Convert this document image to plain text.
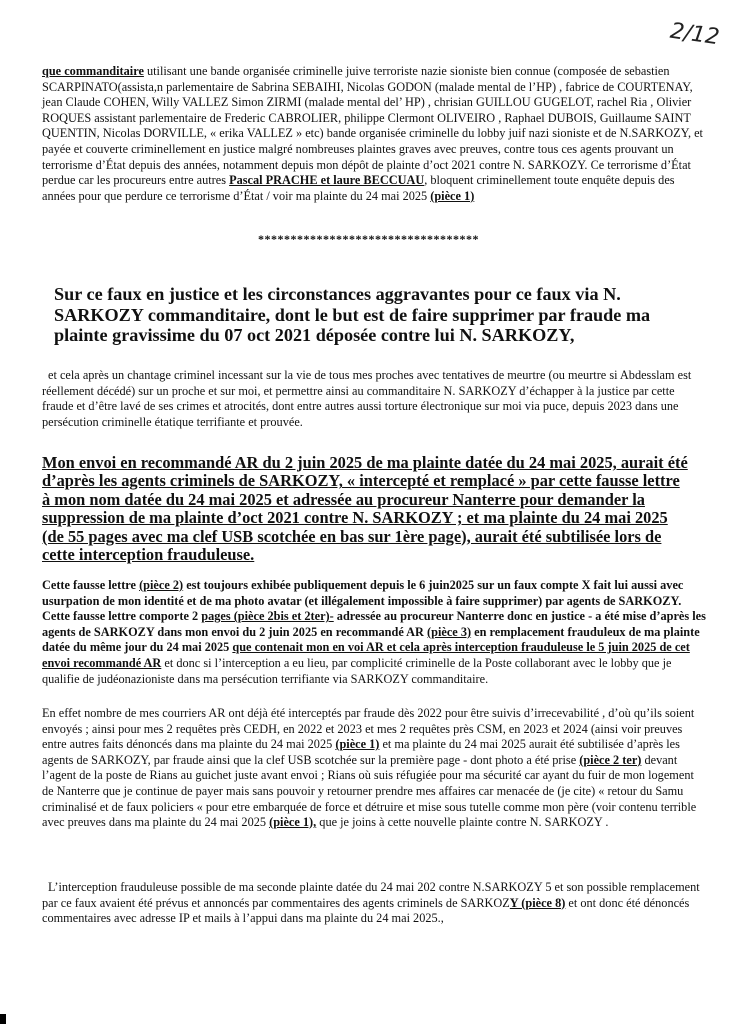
2/12

que commanditaire utilisant une bande organisée criminelle juive terroriste nazie sioniste bien connue (composée de sebastien SCARPINATO(assista,n parlementaire de Sabrina SEBAIHI, Nicolas GODON (malade mental de l’HP) , fabrice de COURTENAY, jean Claude COHEN, Willy VALLEZ Simon ZIRMI (malade mental del’ HP) , chrisian GUILLOU GUGELOT, rachel Ria , Olivier ROQUES assistant parlementaire de Frederic CABROLIER, philippe Clermont OLIVEIRO , Raphael DUBOIS, Guillaume SAINT QUENTIN, Nicolas DORVILLE, « erika VALLEZ » etc) bande organisée criminelle du lobby juif nazi sioniste et de N.SARKOZY, et payée et couverte criminellement en justice malgré nombreuses plaintes graves avec preuves, contre tous ces agents prouvant un terrorisme d’État depuis des années, notamment depuis mon dépôt de plainte d’oct 2021 contre N. SARKOZY. Ce terrorisme d’État perdue car les procureurs entre autres Pascal PRACHE et laure BECCUAU, bloquent criminellement toute enquête depuis des années pour que perdure ce terrorisme d’État / voir ma plainte du 24 mai 2025 (pièce 1)

**********************************

Sur ce faux en justice et les circonstances aggravantes pour ce faux via N. SARKOZY commanditaire, dont le but est de faire supprimer par fraude ma plainte gravissime du 07 oct 2021 déposée contre lui N. SARKOZY,

et cela après un chantage criminel incessant sur la vie de tous mes proches avec tentatives de meurtre (ou meurtre si Abdesslam est réellement décédé) sur un proche et sur moi, et permettre ainsi au commanditaire N. SARKOZY d’échapper à la justice par cette fraude et d’être lavé de ses crimes et atrocités, dont entre autres aussi torture électronique sur moi via puce, depuis 2023 dans une persécution criminelle étatique terrifiante et prouvée.

Mon envoi en recommandé AR du 2 juin 2025 de ma plainte datée du 24 mai 2025, aurait été d’après les agents criminels de SARKOZY, « intercepté et remplacé » par cette fausse lettre à mon nom datée du 24 mai 2025 et adressée au procureur Nanterre pour demander la suppression de ma plainte d’oct 2021 contre N. SARKOZY ; et ma plainte du 24 mai 2025 (de 55 pages avec ma clef USB scotchée en bas sur 1ère page), aurait été subtilisée lors de cette interception frauduleuse.

Cette fausse lettre (pièce 2) est toujours exhibée publiquement depuis le 6 juin2025 sur un faux compte X fait lui aussi avec usurpation de mon identité et de ma photo avatar (et illégalement impossible à faire supprimer) par agents de SARKOZY. Cette fausse lettre comporte 2 pages (pièce 2bis et 2ter)- adressée au procureur Nanterre donc en justice - a été mise d’après les agents de SARKOZY dans mon envoi du 2 juin 2025 en recommandé AR (pièce 3) en remplacement frauduleux de ma plainte datée du même jour du 24 mai 2025 que contenait mon en voi AR et cela après interception frauduleuse le 5 juin 2025 de cet envoi recommandé AR et donc si l’interception a eu lieu, par complicité criminelle de la Poste collaborant avec le lobby que je qualifie de judéonazioniste dans ma persécution terrifiante via SARKOZY commanditaire.

En effet nombre de mes courriers AR ont déjà été interceptés par fraude dès 2022 pour être suivis d’irrecevabilité , d’où qu’ils soient envoyés ; ainsi pour mes 2 requêtes près CEDH, en 2022 et 2023 et mes 2 requêtes près CSM, en 2023 et 2024 (ainsi voir preuves entre autres faits dénoncés dans ma plainte du 24 mai 2025 (pièce 1) et ma plainte du 24 mai 2025 aurait été subtilisée d’après les agents de SARKOZY, par fraude ainsi que la clef USB scotchée sur la première page - dont photo a été prise (pièce 2 ter) devant l’agent de la poste de Rians au guichet juste avant envoi ; Rians où suis réfugiée pour ma sécurité car ayant du fuir de mon logement de Nanterre que je continue de payer mais sans pouvoir y retourner prendre mes affaires car menacée de (je cite) « retour du Samu criminalisé et de faux policiers « pour etre embarquée de force et détruire et mise sous tutelle comme mon père (voir contenu terrible avec preuves dans ma plainte du 24 mai 2025 (pièce 1), que je joins à cette nouvelle plainte contre N. SARKOZY .

L’interception frauduleuse possible de ma seconde plainte datée du 24 mai 202 contre N.SARKOZY 5 et son possible remplacement par ce faux avaient été prévus et annoncés par commentaires des agents criminels de SARKOZY (pièce 8) et ont donc été dénoncés commentaires avec adresse IP et mails à l’appui dans ma plainte du 24 mai 2025.,
